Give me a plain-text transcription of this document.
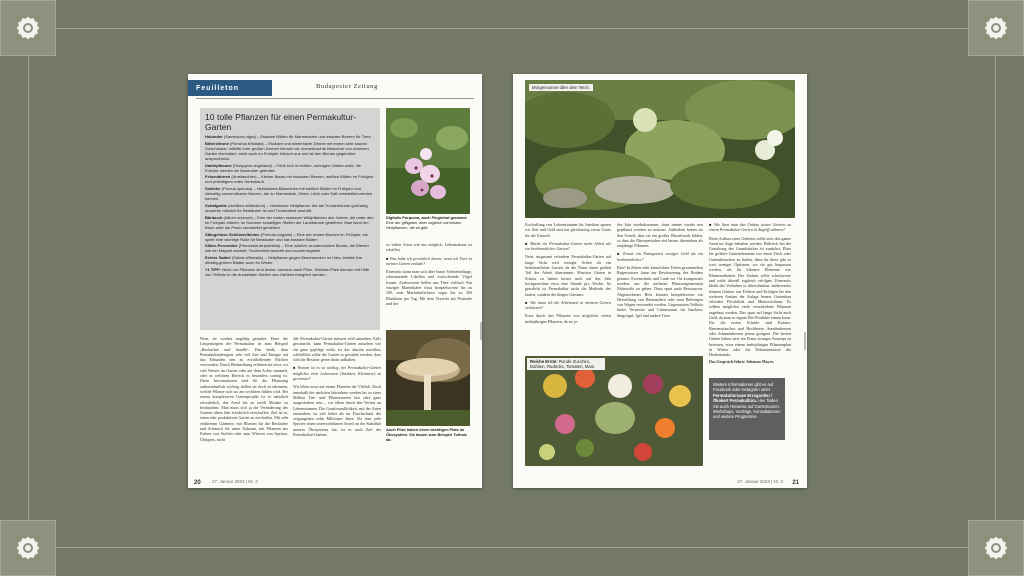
Feuilleton	Budapester Zeitung
10 tolle Pflanzen für einen Permakultur-Garten
Holunder (Sambucus nigra) – Essbare Blüten für Marmeladen und essbare Beeren für Tiere.
Bitterzitrone (Poncirus trifoliata) – Essbare und winterharte Zitrone mit einem sehr sauren Geschmack; mithilfe ihrer großen Dornen können wir unerwünschte Besucher von unserem Garten fernhalten; sieht auch im Frühjahr hübsch aus und ist den Bienen gegenüber anspruchslos.
Dattelpflaume (Diospyros virginiana) – Fühlt sich in heißen, sonnigen Gärten wohl; die Früchte werden ab November geerntet.
Felsenbirnen (Amelanchier) – Kleiner Baum mit essbaren Beeren, weißen Blüten im Frühjahr und prächtigem roten Herbstlaub.
Schlehe (Prunus spinosa) – Heimisches Bäumchen mit weißen Blüten im Frühjahr und vielseitig verwendbaren Beeren, die zu Marmelade, Gelee, Likör oder Saft verarbeitet werden können.
Schafgarbe (Achillea millefolium) – Heimische Heilpflanze; die als Trockenblume großartig aussieht; nützlich für Bestäuber ist und Trockenheit aushält.
Bärlauch (Allium ursinum) – Eine der ersten essbaren Wildpflanzen des Jahres, die unter den im Frühjahr blühen, im Sommer schattigen Stellen der Laubbäume gedeihen. Man kann ihn frisch oder als Pesto verarbeitet genießen.
Stängellose Schlüsselblume (Primula vulgaris) – Eine der ersten Blumen im Frühjahr, sie spielt eine wichtige Rolle für Bestäuber und hat essbare Blüten.
Silber-Perowskie (Perovskia atriplicifolia) – Eine wirklich wunderschöne Blume, die Bienen wie ein Magnet anzieht; Trockenheit aushält und wucherungsfrei.
Echter Salbei (Salvia officinalis) – Heilpflanze gegen Beschwerden im Hals; beliebt ihre ölhaltig-grünen Blätter auch im Winter.
+1 TIPP: Nicht nur Pflanzen sind lecker, sondern auch Pilze. Shiitake-Pilze können mit Hilfe von Teilholz in die dunkelsten Stellen des Gartens integriert werden.
Digitalis Purpurea, auch Fingerhut genannt: Eine der giftigsten, aber zugleich schönsten Heilpflanzen, die es gibt.
Nein, sie werden ungültig gestaltet. Einer der Leitprinzipien der Permakultur ist zum Beispiel „Beobachte und handle“. Das heißt, dass Permakulturdesigner sehr viel Zeit und Energie auf das Erkunden neu zu erschließender Flächen verwenden. Durch Beobachtung erfahren sie etwa, wo sich Wasser im Garten oder auf dem Acker sammelt, oder in welchem Bereich es besonders sonnig ist. Diese Informationen sind für die Pflanzung außerordentlich wichtig, helfen sie doch zu erkennen, welche Pflanze sich wo am wohlsten fühlen wird. Bei einem komplexeren Gartenprojekt ist es natürlich erforderlich, das Areal bis zu zwölf Monate zu beobachten. Man muss sich ja die Veränderung des Gartens übers Jahr ersichtlich verschaffen. Ziel ist es, einen sehr produktiven Garten zu erschaffen. Mit sehr erfahrenen Gärtnern, mit Blumen für die Bestäuber und Schmuck für unser Zuhause, mit Pflanzen aus Farben von Stoffen oder zum Würzen von Speisen. Übrigens, nicht
alle Permakultur-Gärten müssen wild aussehen. Falls gewünscht, kann Permakultur-Gärten aussehen wie ein ganz gepflegt wirkt, ist das absolut machbar, schließlich sollte der Garten so gestaltet werden, dass sich die Besitzer gerne darin aufhalten.
■ Warum ist es so wichtig, bei Permakultur-Gärten möglichst viele Lebewesen (Insekten, Kleintiere) zu gewinnen?
Wir leben zwar auf einem Planeten der Vielfalt. Doch innerhalb der nächsten Jahrzehnte werden bis zu einer Million Tier- und Pflanzenarten fast oder ganz ausgestorben sein – vor allem durch den Verlust an Lebensräumen. Die Graufreundlichkeit, mit der Arten aussterben, ist viel höher als im Durchschnitt der vergangenen zehn Millionen Jahre. Da aber jede Spezies einen unverzichtbaren Anteil an der Stabilität unseres Ökosystems hat, ist es auch Ziel der Permakultur-Gärtner,
so vielen Arten wie nur möglich, Lebensräume zu schaffen.
■ Was halte ich persönlich davon, wenn ich Tiere in meinen Garten einlade?
Einerseits kann man sich über bunte Schmetterlinge, schimmernde Libellen und zwitschernde Vögel freuen. Andererseits helfen uns Tiere vielfach: Ein einziger Marienkäfer frisst beispielsweise bis zu 100, eine Marienkäferlarve sogar bis zu 300 Blattläuse pro Tag. Mit dem Verzicht auf Pestizide und der
Auch Pilze haben einen wichtigen Platz im Ökosystem. Sie bauen zum Beispiel Totholz ab.
27. Januar 2023 | Nr. 2
20
Morgensonne über dem Teich.
Erschaffung von Lebensräumen für Insekten sparen wir Zeit und Geld und tun gleichzeitig etwas Gutes für die Umwelt.
■ Macht ein Permakultur-Garten mehr Arbeit als ein herkömmlicher Garten?
Nein, insgesamt erfordern Permakultur-Gärten auf lange Sicht weit weniger Arbeit als ein herkömmlicher Garten, da die Natur einen großen Teil der Arbeit übernimmt. Mussten Gärten in Schuss zu halten kostet auch auf das Jahr hochgerechnet etwa eine Stunde pro Woche. So grasdicht ist Permakultur nicht die Methode des faulen, sondern des klugen Gärtners.
■ Wie kann ich die Arbeitszeit in meinem Garten verkürzen?
Etwa durch das Pflanzen von möglichst vielen mehrjährigen Pflanzen, da sie je-
des Jahr wiederkommen, ohne immer wieder neu gepflanzt werden zu müssen. Außerdem haben sie den Vorteil, dass sie ein großes Wurzelwerk bilden, so dass die Dürreperioden viel besser überstehen als einjährige Pflanzen.
■ Kostet ein Naturgarten weniger Geld als ein herkömmlicher?
Klar! In Zeiten oder künstlichen Tiefen gesammelten Regenwasser kann zur Bewässerung des Bodens genutzt. Essenschnitt und Laub vor Ort kompostiert werden, um der nächsten Pflanzengeneration Nährstoffe zu geben. Dazu spart auch Ressourcen. Abgestorbenes Holz können beispielsweise zur Herstellung von Beetrandern oder zum Befestigen von Wegen verwendet werden. Ungenutzten Teilholz bietet Verstecke und Lebensraum für Insekten, Singvögel, Igel und andere Tiere.
Reiche Ernte: Runde Zucchini, Dahlien, Rudecks, Tomaten, Mais.
■ Wie lässt man den Umbau seines Gartens zu einem Permakultur-Garten in Angriff nehmen?
Beim Aufbau eines Gebietes sollte stets das ganze Areal im Auge behalten werden. Hilfreich bei der Gestaltung des Grundstückes ist zunächst, Platz für größere Gartenelemente wie einen Teich oder Gartenhäuschen zu finden, denn für diese gibt es weit weniger Optionen, wo sie gut hinpassen werden, als für kleinere Elemente wie Blumenrabatten. Der Umbau sollte schrittweise und nicht überall zugleich erfolgen. Einerseits bleibt das Verhalten so überschaubar, andererseits können Gärtner aus Fehlern und Erfolgen für den weiteren Ausbau der Anlage lernen. Gartenbau erfordert Flexibilität und Mentorrichtum. Es sollten möglichst viele verschiedene Pflanzen angebaut werden. Das spart auf lange Sicht auch Geld, da man so eigene Bio-Produkte ernten kann. Für die ersten Schritte sind Kräuter, Beerensträucher und Hochbeete, Staudenbeeren oder Johannisbeeren prima geeignet. Die besten Gärten haben stets ein Einen strenges Konzept zu betreuen, etwa einem mehrjährigen Pflanzenplan in Winter oder die Dokumentation des Herbststande.
Das Gespräch führte Johanna Mayer.
Weitere Informationen gibt es auf Facebook oder Instagram unter Permakulturoase Erzsgarden / Ökokert Permakultúra. Hier finden Sie auch Hinweise auf Gartentouren, Workshops, Vorträge, Konsultationen und weitere Programme.
27. Januar 2023 | Nr. 2 21
